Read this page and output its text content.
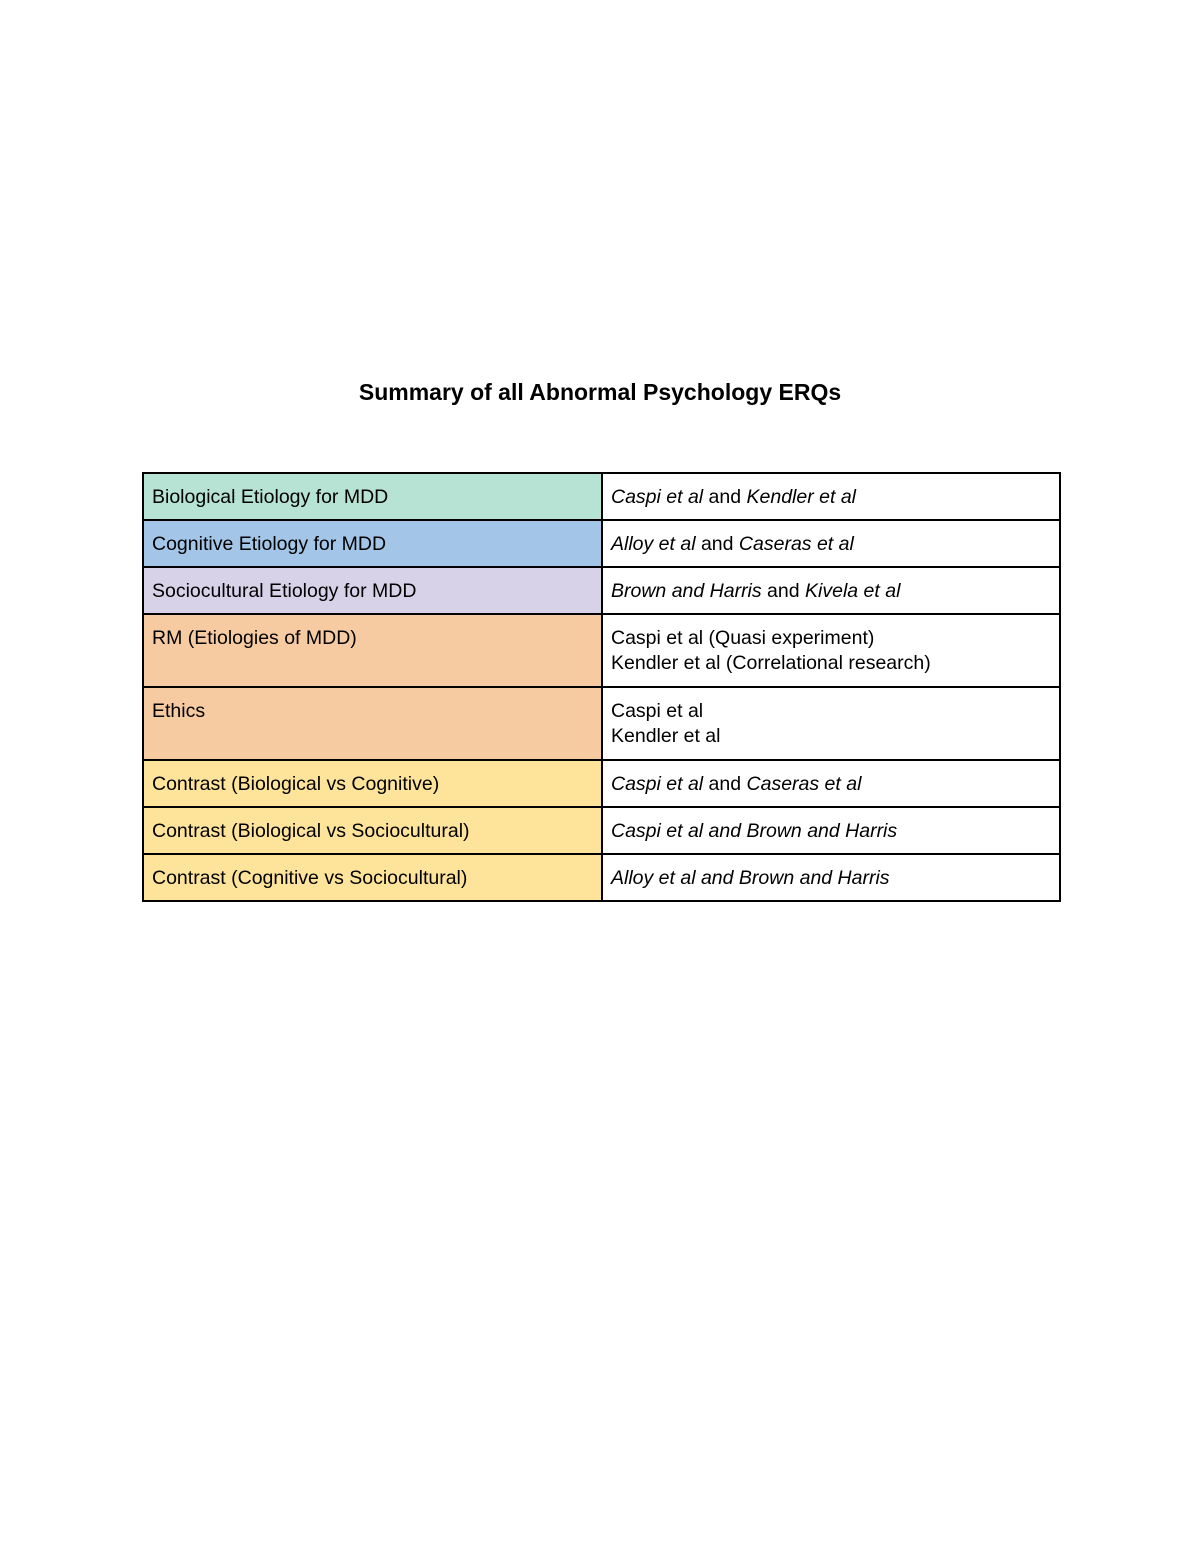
Summary of all Abnormal Psychology ERQs
Biological Etiology for MDD	Caspi et al and Kendler et al

Cognitive Etiology for MDD	Alloy et al and Caseras et al

Sociocultural Etiology for MDD	Brown and Harris and Kivela et al

RM (Etiologies of MDD)	Caspi et al (Quasi experiment)
Kendler et al (Correlational research)

Ethics	Caspi et al
Kendler et al

Contrast (Biological vs Cognitive)	Caspi et al and Caseras et al

Contrast (Biological vs Sociocultural)	Caspi et al and Brown and Harris

Contrast (Cognitive vs Sociocultural)	Alloy et al and Brown and Harris
